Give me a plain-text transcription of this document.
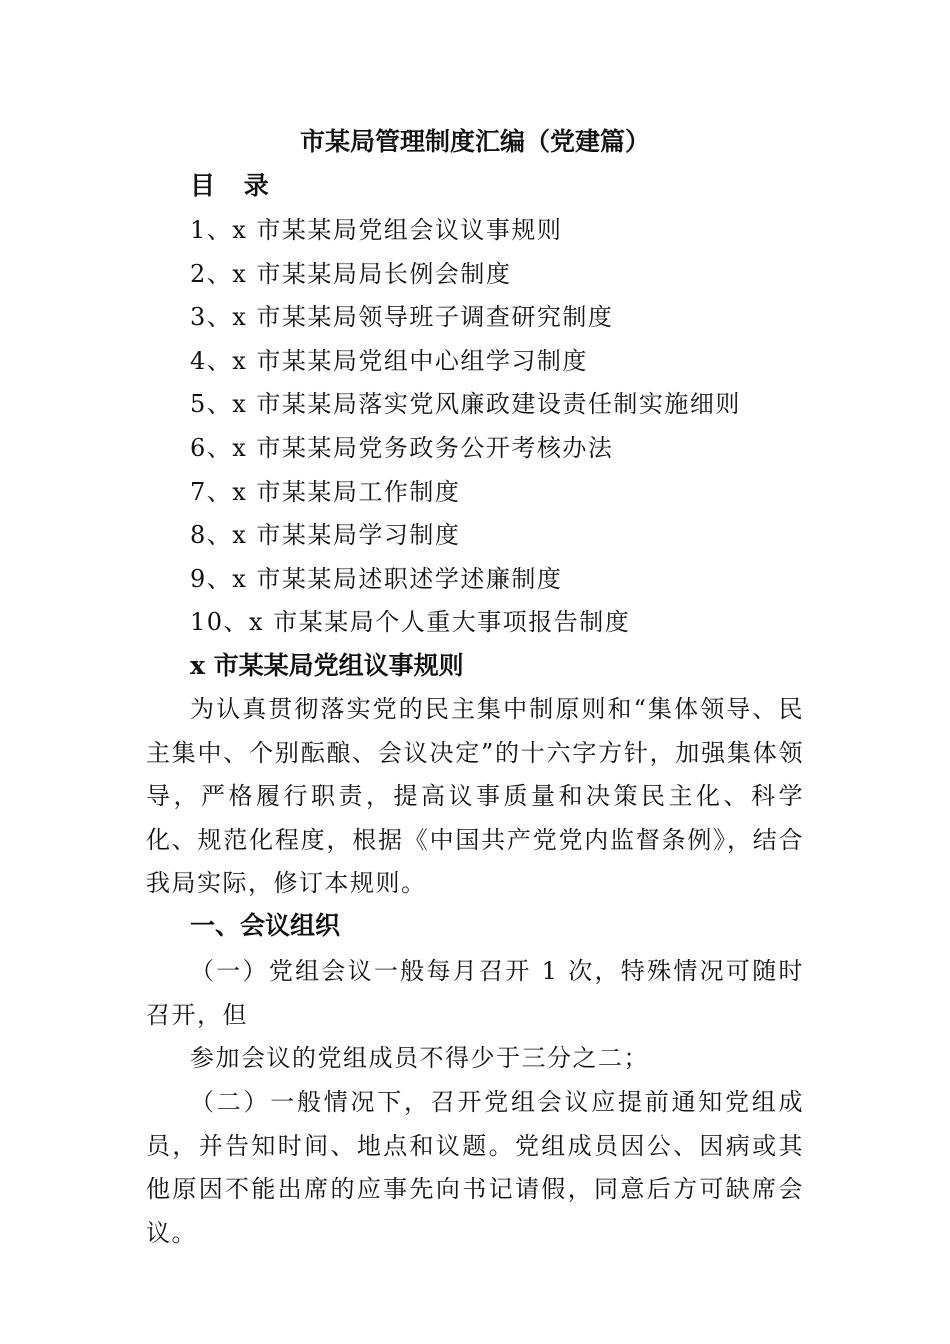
市某局管理制度汇编（党建篇）
目 录
1、x 市某某局党组会议议事规则
2、x 市某某局局长例会制度
3、x 市某某局领导班子调查研究制度
4、x 市某某局党组中心组学习制度
5、x 市某某局落实党风廉政建设责任制实施细则
6、x 市某某局党务政务公开考核办法
7、x 市某某局工作制度
8、x 市某某局学习制度
9、x 市某某局述职述学述廉制度
10、x 市某某局个人重大事项报告制度
x 市某某局党组议事规则

为认真贯彻落实党的民主集中制原则和“集体领导、民主集中、个别酝酿、会议决定”的十六字方针，加强集体领导，严格履行职责，提高议事质量和决策民主化、科学化、规范化程度，根据《中国共产党党内监督条例》，结合我局实际，修订本规则。

一、会议组织

（一）党组会议一般每月召开 1 次，特殊情况可随时召开，但

参加会议的党组成员不得少于三分之二；

（二）一般情况下，召开党组会议应提前通知党组成员，并告知时间、地点和议题。党组成员因公、因病或其他原因不能出席的应事先向书记请假，同意后方可缺席会议。
